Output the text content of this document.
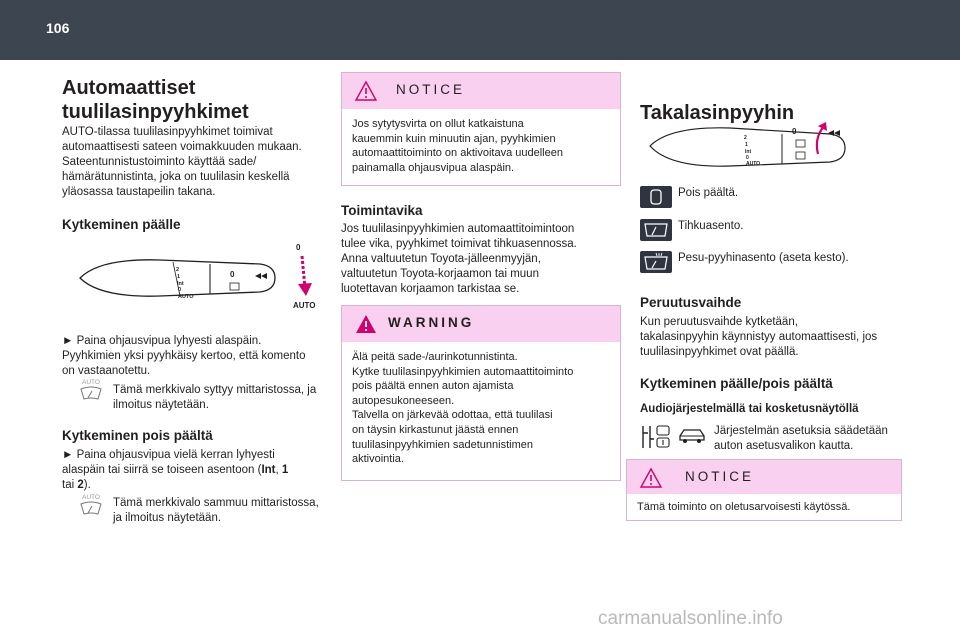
106
Automaattiset
tuulilasinpyyhkimet
AUTO-tilassa tuulilasinpyyhkimet toimivat
automaattisesti sateen voimakkuuden mukaan.
Sateentunnistustoiminto käyttää sade/
hämärätunnistinta, joka on tuulilasin keskellä
yläosassa taustapeilin takana.
Kytkeminen päälle
2
1
Int
0
AUTO
0
0
AUTO
► Paina ohjausvipua lyhyesti alaspäin.
Pyyhkimien yksi pyyhkäisy kertoo, että komento
on vastaanotettu.
AUTO
Tämä merkkivalo syttyy mittaristossa, ja
ilmoitus näytetään.
Kytkeminen pois päältä
► Paina ohjausvipua vielä kerran lyhyesti
alaspäin tai siirrä se toiseen asentoon (Int, 1
tai 2).
AUTO	Tämä merkkivalo sammuu mittaristossa,
ja ilmoitus näytetään.
NOTICE
Jos sytytysvirta on ollut katkaistuna
kauemmin kuin minuutin ajan, pyyhkimien
automaattitoiminto on aktivoitava uudelleen
painamalla ohjausvipua alaspäin.
Toimintavika
Jos tuulilasinpyyhkimien automaattitoimintoon
tulee vika, pyyhkimet toimivat tihkuasennossa.
Anna valtuutetun Toyota-jälleenmyyjän,
valtuutetun Toyota-korjaamon tai muun
luotettavan korjaamon tarkistaa se.
WARNING
Älä peitä sade-/aurinkotunnistinta.
Kytke tuulilasinpyyhkimien automaattitoiminto
pois päältä ennen auton ajamista
autopesukoneeseen.
Talvella on järkevää odottaa, että tuulilasi
on täysin kirkastunut jäästä ennen
tuulilasinpyyhkimien sadetunnistimen
aktivointia.
Takalasinpyyhin
2
1
Int
0
AUTO
0
Pois päältä.
Tihkuasento.
Pesu-pyyhinasento (aseta kesto).
Peruutusvaihde
Kun peruutusvaihde kytketään,
takalasinpyyhin käynnistyy automaattisesti, jos
tuulilasinpyyhkimet ovat päällä.
Kytkeminen päälle/pois päältä
Audiojärjestelmällä tai kosketusnäytöllä
Järjestelmän asetuksia säädetään
auton asetusvalikon kautta.
NOTICE
Tämä toiminto on oletusarvoisesti käytössä.
carmanualsonline.info
